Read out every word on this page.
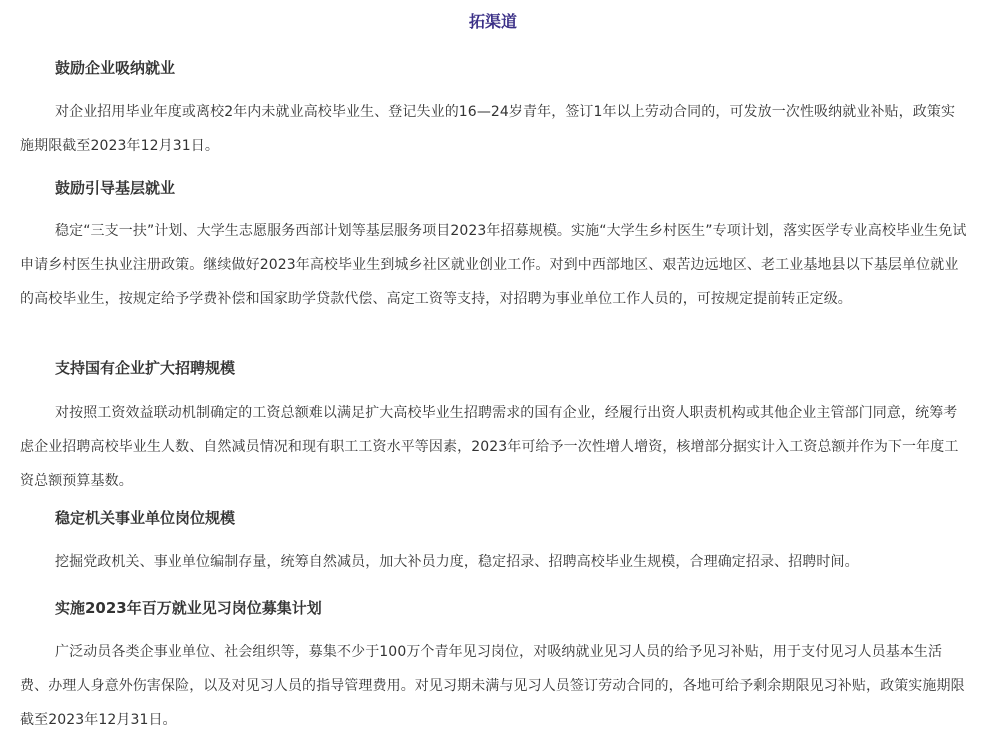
拓渠道
鼓励企业吸纳就业

对企业招用毕业年度或离校2年内未就业高校毕业生、登记失业的16—24岁青年，签订1年以上劳动合同的，可发放一次性吸纳就业补贴，政策实施期限截至2023年12月31日。

鼓励引导基层就业

稳定“三支一扶”计划、大学生志愿服务西部计划等基层服务项目2023年招募规模。实施“大学生乡村医生”专项计划，落实医学专业高校毕业生免试申请乡村医生执业注册政策。继续做好2023年高校毕业生到城乡社区就业创业工作。对到中西部地区、艰苦边远地区、老工业基地县以下基层单位就业的高校毕业生，按规定给予学费补偿和国家助学贷款代偿、高定工资等支持，对招聘为事业单位工作人员的，可按规定提前转正定级。

支持国有企业扩大招聘规模

对按照工资效益联动机制确定的工资总额难以满足扩大高校毕业生招聘需求的国有企业，经履行出资人职责机构或其他企业主管部门同意，统筹考虑企业招聘高校毕业生人数、自然减员情况和现有职工工资水平等因素，2023年可给予一次性增人增资，核增部分据实计入工资总额并作为下一年度工资总额预算基数。

稳定机关事业单位岗位规模

挖掘党政机关、事业单位编制存量，统筹自然减员，加大补员力度，稳定招录、招聘高校毕业生规模，合理确定招录、招聘时间。

实施2023年百万就业见习岗位募集计划

广泛动员各类企事业单位、社会组织等，募集不少于100万个青年见习岗位，对吸纳就业见习人员的给予见习补贴，用于支付见习人员基本生活费、办理人身意外伤害保险，以及对见习人员的指导管理费用。对见习期未满与见习人员签订劳动合同的，各地可给予剩余期限见习补贴，政策实施期限截至2023年12月31日。
